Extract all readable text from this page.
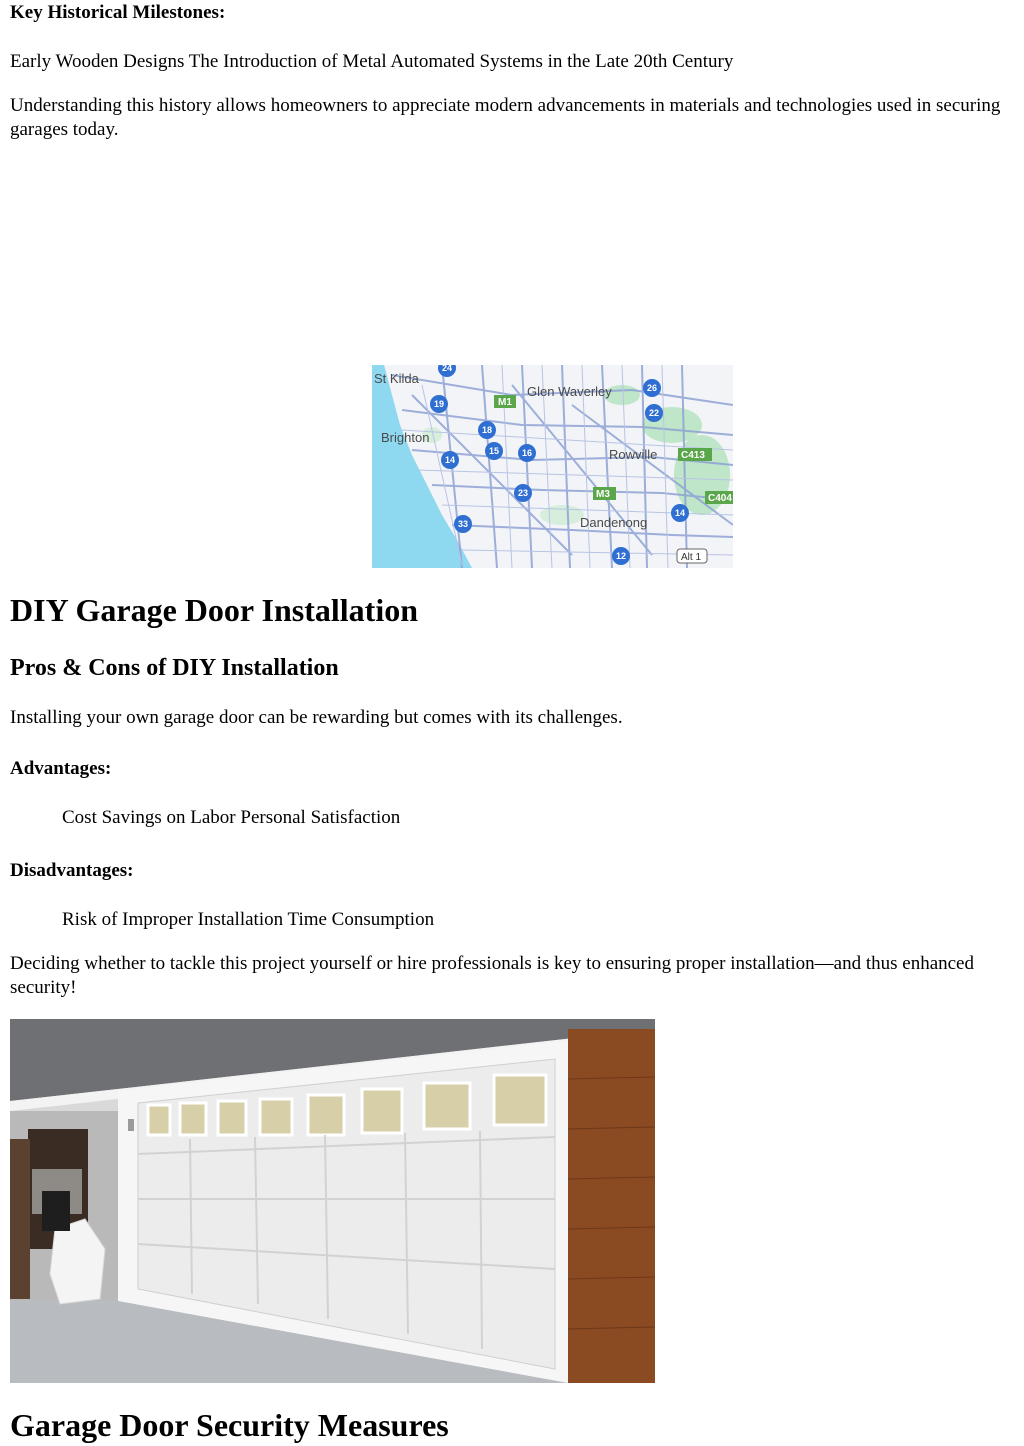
Key Historical Milestones:
Early Wooden Designs The Introduction of Metal Automated Systems in the Late 20th Century
Understanding this history allows homeowners to appreciate modern advancements in materials and technologies used in securing garages today.
St Kilda
Glen Waverley
Brighton
Rowville
Dandenong
M1
C413
M3	C404
Alt 1
24
19
18
15	16
14
23
33
12
26
22
14
DIY Garage Door Installation
Pros & Cons of DIY Installation
Installing your own garage door can be rewarding but comes with its challenges.
Advantages:
Cost Savings on Labor Personal Satisfaction
Disadvantages:
Risk of Improper Installation Time Consumption
Deciding whether to tackle this project yourself or hire professionals is key to ensuring proper installation—and thus enhanced security!
Garage Door Security Measures
